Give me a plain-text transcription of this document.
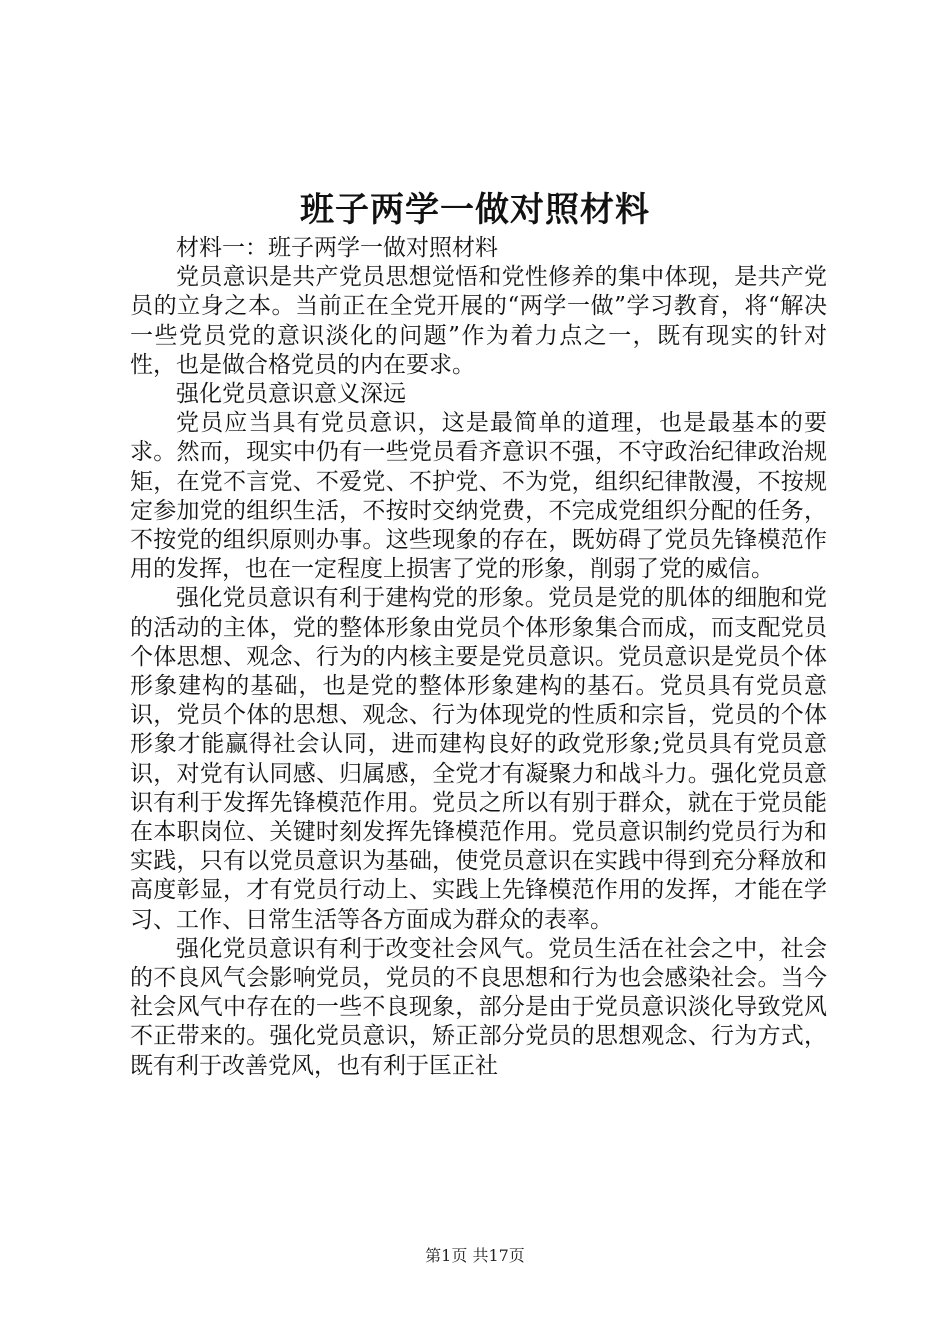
班子两学一做对照材料

材料一：班子两学一做对照材料

党员意识是共产党员思想觉悟和党性修养的集中体现，是共产党员的立身之本。当前正在全党开展的“两学一做”学习教育，将“解决一些党员党的意识淡化的问题”作为着力点之一，既有现实的针对性，也是做合格党员的内在要求。

强化党员意识意义深远

党员应当具有党员意识，这是最简单的道理，也是最基本的要求。然而，现实中仍有一些党员看齐意识不强，不守政治纪律政治规矩，在党不言党、不爱党、不护党、不为党，组织纪律散漫，不按规定参加党的组织生活，不按时交纳党费，不完成党组织分配的任务，不按党的组织原则办事。这些现象的存在，既妨碍了党员先锋模范作用的发挥，也在一定程度上损害了党的形象，削弱了党的威信。

强化党员意识有利于建构党的形象。党员是党的肌体的细胞和党的活动的主体，党的整体形象由党员个体形象集合而成，而支配党员个体思想、观念、行为的内核主要是党员意识。党员意识是党员个体形象建构的基础，也是党的整体形象建构的基石。党员具有党员意识，党员个体的思想、观念、行为体现党的性质和宗旨，党员的个体形象才能赢得社会认同，进而建构良好的政党形象;党员具有党员意识，对党有认同感、归属感，全党才有凝聚力和战斗力。强化党员意识有利于发挥先锋模范作用。党员之所以有别于群众，就在于党员能在本职岗位、关键时刻发挥先锋模范作用。党员意识制约党员行为和实践，只有以党员意识为基础，使党员意识在实践中得到充分释放和高度彰显，才有党员行动上、实践上先锋模范作用的发挥，才能在学习、工作、日常生活等各方面成为群众的表率。

强化党员意识有利于改变社会风气。党员生活在社会之中，社会的不良风气会影响党员，党员的不良思想和行为也会感染社会。当今社会风气中存在的一些不良现象，部分是由于党员意识淡化导致党风不正带来的。强化党员意识，矫正部分党员的思想观念、行为方式，既有利于改善党风，也有利于匡正社

第1页 共17页
